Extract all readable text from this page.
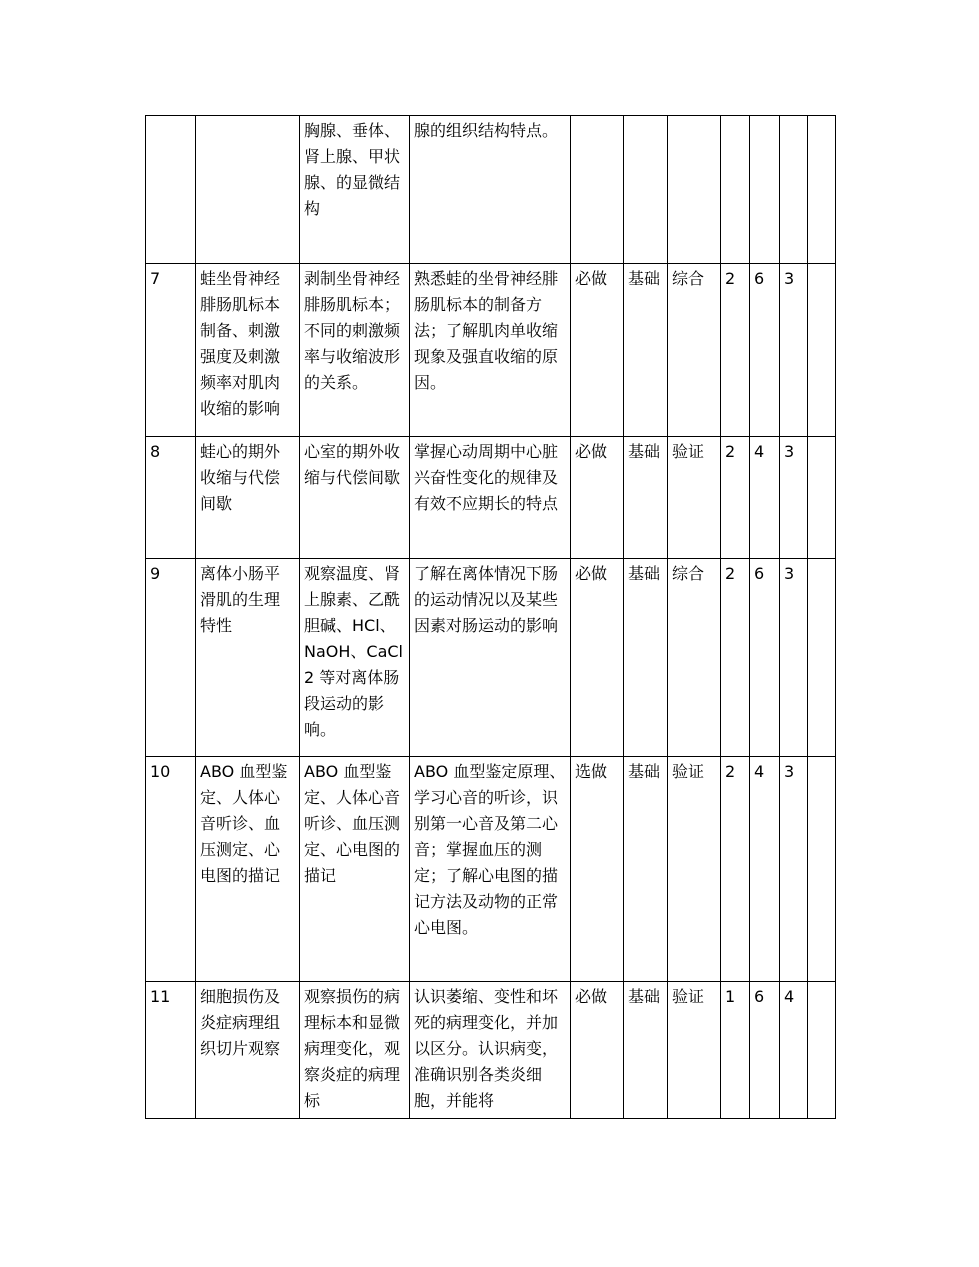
		胸腺、垂体、肾上腺、甲状腺、的显微结构	腺的组织结构特点。							
7	蛙坐骨神经腓肠肌标本制备、刺激强度及刺激频率对肌肉收缩的影响	剥制坐骨神经腓肠肌标本；不同的刺激频率与收缩波形的关系。	熟悉蛙的坐骨神经腓肠肌标本的制备方法；了解肌肉单收缩现象及强直收缩的原因。	必做	基础	综合	2	6	3	
8	蛙心的期外收缩与代偿间歇	心室的期外收缩与代偿间歇	掌握心动周期中心脏兴奋性变化的规律及有效不应期长的特点	必做	基础	验证	2	4	3	
9	离体小肠平滑肌的生理特性	观察温度、肾上腺素、乙酰胆碱、HCl、NaOH、CaCl2 等对离体肠段运动的影响。	了解在离体情况下肠的运动情况以及某些因素对肠运动的影响	必做	基础	综合	2	6	3	
10	ABO 血型鉴定、人体心音听诊、血压测定、心电图的描记	ABO 血型鉴定、人体心音听诊、血压测定、心电图的描记	ABO 血型鉴定原理、学习心音的听诊，识别第一心音及第二心音；掌握血压的测定；了解心电图的描记方法及动物的正常心电图。	选做	基础	验证	2	4	3	
11	细胞损伤及炎症病理组织切片观察	观察损伤的病理标本和显微病理变化，观察炎症的病理标	认识萎缩、变性和坏死的病理变化，并加以区分。认识病变，准确识别各类炎细胞，并能将	必做	基础	验证	1	6	4	
